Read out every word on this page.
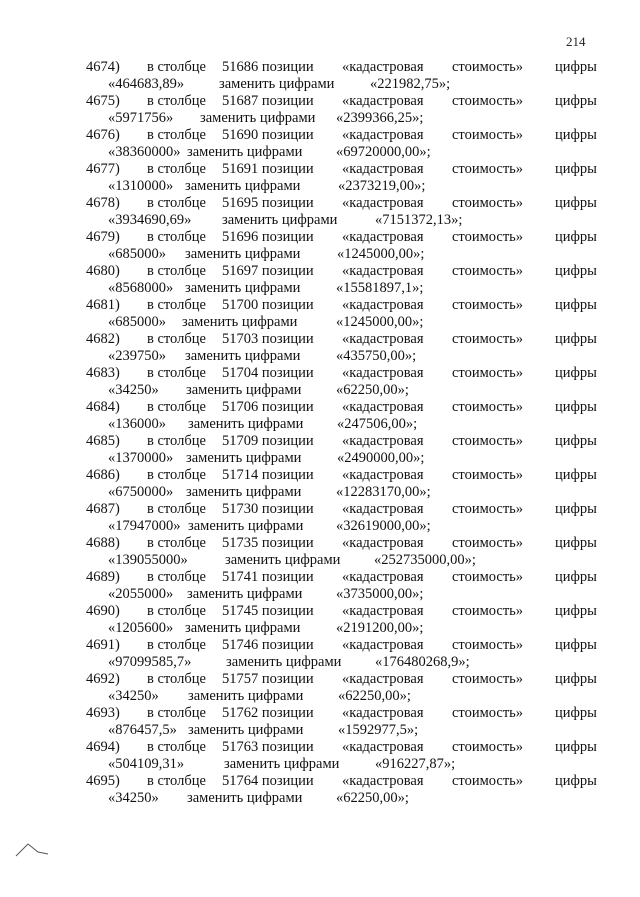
214
4674) в столбце 51686 позиции «кадастровая стоимость» цифры
«464683,89» заменить цифрами «221982,75»;
4675) в столбце 51687 позиции «кадастровая стоимость» цифры
«5971756» заменить цифрами «2399366,25»;
4676) в столбце 51690 позиции «кадастровая стоимость» цифры
«38360000» заменить цифрами «69720000,00»;
4677) в столбце 51691 позиции «кадастровая стоимость» цифры
«1310000» заменить цифрами	«2373219,00»;
4678) в столбце 51695 позиции «кадастровая стоимость» цифры
«3934690,69» заменить цифрами	«7151372,13»;
4679) в столбце 51696 позиции «кадастровая стоимость» цифры
«685000» заменить цифрами	«1245000,00»;
4680) в столбце 51697 позиции «кадастровая стоимость» цифры
«8568000» заменить цифрами «15581897,1»;
4681) в столбце 51700 позиции «кадастровая стоимость» цифры
«685000» заменить цифрами	«1245000,00»;
4682) в столбце 51703 позиции «кадастровая стоимость» цифры
«239750» заменить цифрами «435750,00»;
4683) в столбце 51704 позиции «кадастровая стоимость» цифры
«34250» заменить цифрами «62250,00»;
4684) в столбце 51706 позиции «кадастровая стоимость» цифры
«136000» заменить цифрами «247506,00»;
4685) в столбце 51709 позиции «кадастровая стоимость» цифры
«1370000» заменить цифрами «2490000,00»;
4686) в столбце 51714 позиции «кадастровая стоимость» цифры
«6750000» заменить цифрами «12283170,00»;
4687) в столбце 51730 позиции «кадастровая стоимость» цифры
«17947000» заменить цифрами «32619000,00»;
4688) в столбце 51735 позиции «кадастровая стоимость» цифры
«139055000»	заменить цифрами «252735000,00»;
4689) в столбце 51741 позиции «кадастровая стоимость» цифры
«2055000» заменить цифрами «3735000,00»;
4690) в столбце 51745 позиции «кадастровая стоимость» цифры
«1205600» заменить цифрами «2191200,00»;
4691) в столбце 51746 позиции «кадастровая стоимость» цифры
«97099585,7» заменить цифрами «176480268,9»;
4692) в столбце 51757 позиции «кадастровая стоимость» цифры
«34250» заменить цифрами «62250,00»;
4693) в столбце 51762 позиции «кадастровая стоимость» цифры
«876457,5» заменить цифрами «1592977,5»;
4694) в столбце 51763 позиции «кадастровая стоимость» цифры
«504109,31»	заменить цифрами «916227,87»;
4695) в столбце 51764 позиции «кадастровая стоимость» цифры
«34250» заменить цифрами «62250,00»;
